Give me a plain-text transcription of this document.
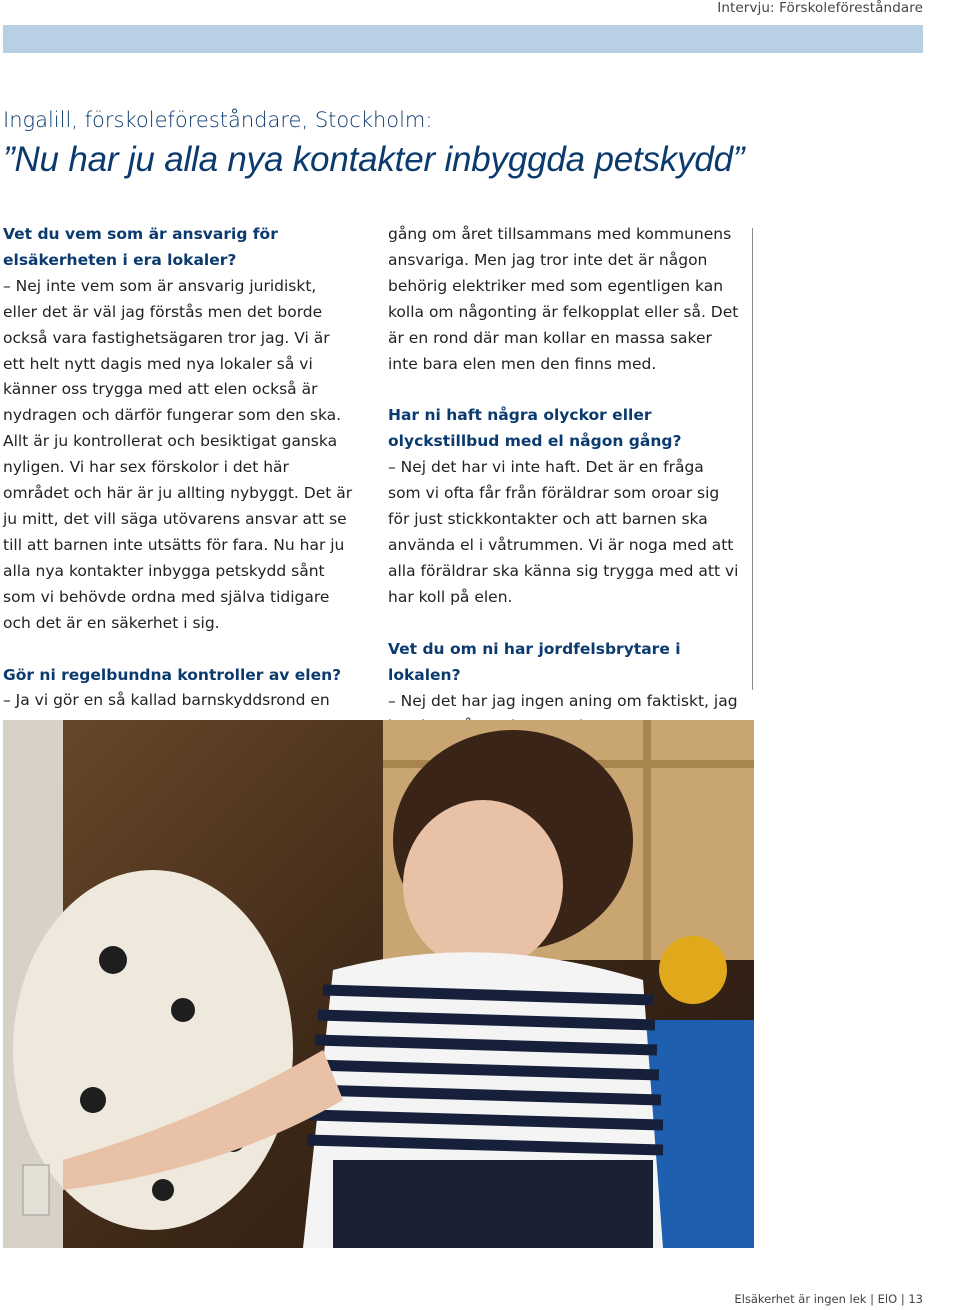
Intervju: Förskoleföreståndare
Ingalill, förskoleföreståndare, Stockholm:
”Nu har ju alla nya kontakter inbyggda petskydd”

Vet du vem som är ansvarig för elsäkerheten i era lokaler?

– Nej inte vem som är ansvarig juridiskt, eller det är väl jag förstås men det borde också vara fastighetsägaren tror jag. Vi är ett helt nytt dagis med nya lokaler så vi känner oss trygga med att elen också är nydragen och därför fungerar som den ska. Allt är ju kontrollerat och besiktigat ganska nyligen. Vi har sex förskolor i det här området och här är ju allting nybyggt. Det är ju mitt, det vill säga utövarens ansvar att se till att barnen inte utsätts för fara. Nu har ju alla nya kontakter inbygga petskydd sånt som vi behövde ordna med själva tidigare och det är en säkerhet i sig.

Gör ni regelbundna kontroller av elen?

– Ja vi gör en så kallad barnskyddsrond en

gång om året tillsammans med kommunens ansvariga. Men jag tror inte det är någon behörig elektriker med som egentligen kan kolla om någonting är felkopplat eller så. Det är en rond där man kollar en massa saker inte bara elen men den finns med.

Har ni haft några olyckor eller olyckstillbud med el någon gång?

– Nej det har vi inte haft. Det är en fråga som vi ofta får från föräldrar som oroar sig för just stickkontakter och att barnen ska använda el i våtrummen. Vi är noga med att alla föräldrar ska känna sig trygga med att vi har koll på elen.

Vet du om ni har jordfelsbrytare i lokalen?

– Nej det har jag ingen aning om faktiskt, jag

Elsäkerhet är ingen lek | ElO | 13
